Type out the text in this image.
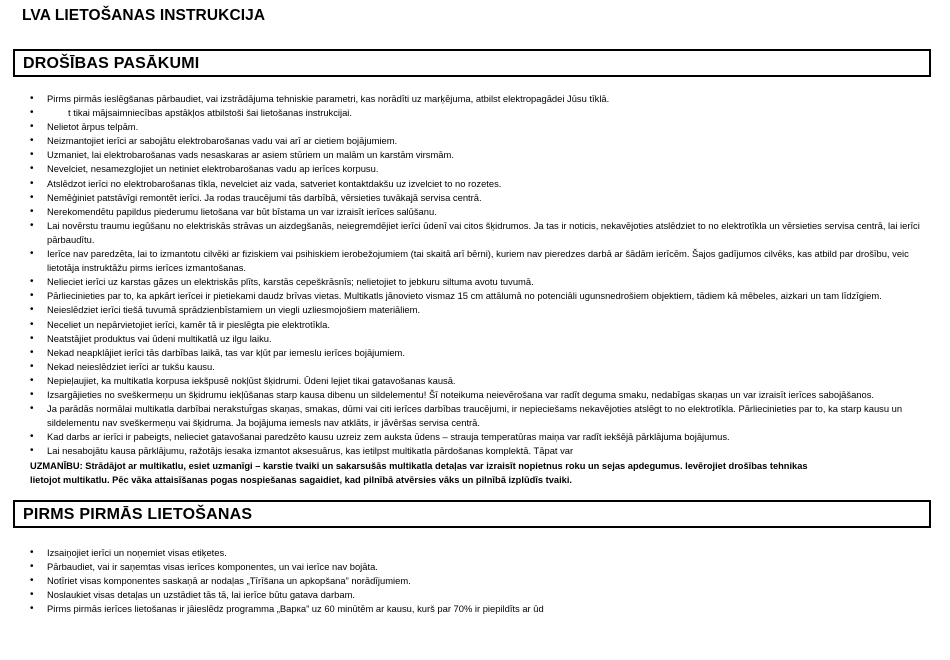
LVA LIETOŠANAS INSTRUKCIJA
DROŠĪBAS PASĀKUMI
• Pirms pirmās ieslēgšanas pārbaudiet, vai izstrādājuma tehniskie parametri, kas norādīti uz marķējuma, atbilst elektropagādei Jūsu tīklā.
• t tikai mājsaimniecības apstākļos atbilstoši šai lietošanas instrukcijai.
• Nelietot ārpus telpām.
• Neizmantojiet ierīci ar sabojātu elektrobarošanas vadu vai arī ar cietiem bojājumiem.
• Uzmaniet, lai elektrobarošanas vads nesaskaras ar asiem stūriem un malām un karstām virsmām.
• Nevelciet, nesamezglojiet un netiniet elektrobarošanas vadu ap ierīces korpusu.
• Atslēdzot ierīci no elektrobarošanas tīkla, nevelciet aiz vada, satveriet kontaktdakšu uz izvelciet to no rozetes.
• Nemēģiniet patstāvīgi remontēt ierīci. Ja rodas traucējumi tās darbībā, vērsieties tuvākajā servisa centrā.
• Nerekomendētu papildus piederumu lietošana var būt bīstama un var izraisīt ierīces salūšanu.
• Lai novērstu traumu iegūšanu no elektriskās strāvas un aizdegšanās, neiegremdējiet ierīci ūdenī vai citos šķidrumos. Ja tas ir noticis, nekavējoties atslēdziet to no elektrotīkla un vērsieties servisa centrā, lai ierīci pārbaudītu.
• Ierīce nav paredzēta, lai to izmantotu cilvēki ar fiziskiem vai psihiskiem ierobežojumiem (tai skaitā arī bērni), kuriem nav pieredzes darbā ar šādām ierīcēm. Šajos gadījumos cilvēks, kas atbild par drošību, veic lietotāja instruktāžu pirms ierīces izmantošanas.
• Nelieciet ierīci uz karstas gāzes un elektriskās plīts, karstās cepeškrāsnīs; nelietojiet to jebkuru siltuma avotu tuvumā.
• Pārliecinieties par to, ka apkārt ierīcei ir pietiekami daudz brīvas vietas. Multikatls jānovieto vismaz 15 cm attālumā no potenciāli ugunsnedrošiem objektiem, tādiem kā mēbeles, aizkari un tam līdzīgiem.
• Neieslēdziet ierīci tiešā tuvumā sprādzienbīstamiem un viegli uzliesmojošiem materiāliem.
• Neceliet un nepārvietojiet ierīci, kamēr tā ir pieslēgta pie elektrotīkla.
• Neatstājiet produktus vai ūdeni multikatlā uz ilgu laiku.
• Nekad neapklājiet ierīci tās darbības laikā, tas var kļūt par iemeslu ierīces bojājumiem.
• Nekad neieslēdziet ierīci ar tukšu kausu.
• Nepieļaujiet, ka multikatla korpusa iekšpusē nokļūst šķidrumi. Ūdeni lejiet tikai gatavošanas kausā.
• Izsargājieties no sveškermeņu un šķidrumu iekļūšanas starp kausa dibenu un sildelementu! Šī noteikuma neievērošana var radīt deguma smaku, nedabīgas skaņas un var izraisīt ierīces sabojāšanos.
• Ja parādās normālai multikatla darbībai nerakstur̄gas skaņas, smakas, dūmi vai citi ierīces darbības traucējumi, ir nepieciešams nekavējoties atslēgt to no elektrotīkla. Pārliecinieties par to, ka starp kausu un sildelementu nav sveškermeņu vai šķidruma. Ja bojājuma iemesls nav atklāts, ir jāvēršas servisa centrā.
• Kad darbs ar ierīci ir pabeigts, nelieciet gatavošanai paredzēto kausu uzreiz zem auksta ūdens – strauja temperatūras maiņa var radīt iekšējā pārklājuma bojājumus.
• Lai nesabojātu kausa pārklājumu, ražotājs iesaka izmantot aksesuārus, kas ietilpst multikatla pārdošanas komplektā. Tāpat var
UZMANĪBU: Strādājot ar multikatlu, esiet uzmanīgi – karstie tvaiki un sakarsušās multikatla detaļas var izraisīt nopietnus roku un sejas apdegumus. Ievērojiet drošības tehnikas
lietojot multikatlu. Pēc vāka attaisīšanas pogas nospiešanas sagaidiet, kad pilnībā atvērsies vāks un pilnībā izplūdīs tvaiki.
PIRMS PIRMĀS LIETOŠANAS
• Izsaiņojiet ierīci un noņemiet visas etiķetes.
• Pārbaudiet, vai ir saņemtas visas ierīces komponentes, un vai ierīce nav bojāta.
• Notīriet visas komponentes saskaņā ar nodaļas „Tīrīšana un apkopšana” norādījumiem.
• Noslaukiet visas detaļas un uzstādiet tās tā, lai ierīce būtu gatava darbam.
• Pirms pirmās ierīces lietošanas ir jāieslēdz programma „Варка” uz 60 minūtēm ar kausu, kurš par 70% ir piepildīts ar ūd
